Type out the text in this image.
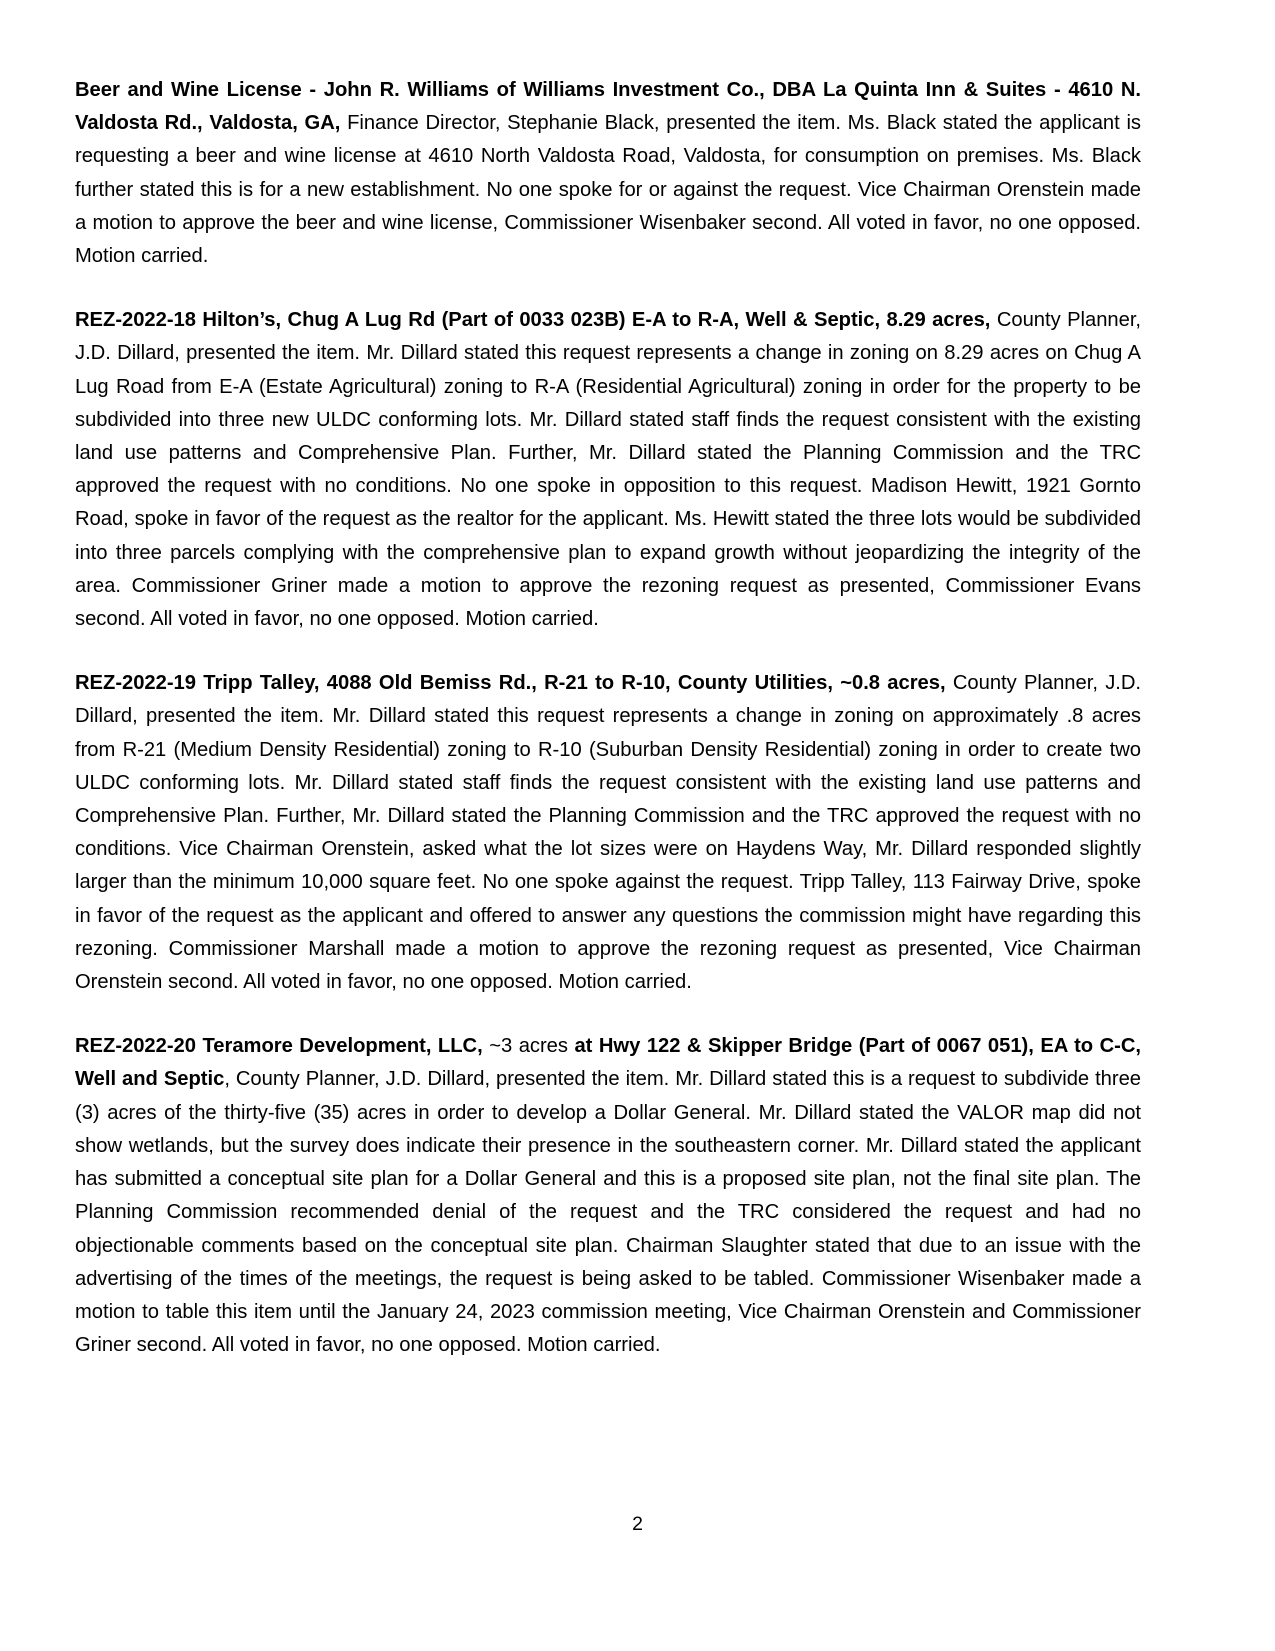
Beer and Wine License - John R. Williams of Williams Investment Co., DBA La Quinta Inn & Suites - 4610 N. Valdosta Rd., Valdosta, GA, Finance Director, Stephanie Black, presented the item. Ms. Black stated the applicant is requesting a beer and wine license at 4610 North Valdosta Road, Valdosta, for consumption on premises. Ms. Black further stated this is for a new establishment. No one spoke for or against the request. Vice Chairman Orenstein made a motion to approve the beer and wine license, Commissioner Wisenbaker second. All voted in favor, no one opposed. Motion carried.

REZ-2022-18 Hilton’s, Chug A Lug Rd (Part of 0033 023B) E-A to R-A, Well & Septic, 8.29 acres, County Planner, J.D. Dillard, presented the item. Mr. Dillard stated this request represents a change in zoning on 8.29 acres on Chug A Lug Road from E-A (Estate Agricultural) zoning to R-A (Residential Agricultural) zoning in order for the property to be subdivided into three new ULDC conforming lots. Mr. Dillard stated staff finds the request consistent with the existing land use patterns and Comprehensive Plan. Further, Mr. Dillard stated the Planning Commission and the TRC approved the request with no conditions. No one spoke in opposition to this request. Madison Hewitt, 1921 Gornto Road, spoke in favor of the request as the realtor for the applicant. Ms. Hewitt stated the three lots would be subdivided into three parcels complying with the comprehensive plan to expand growth without jeopardizing the integrity of the area. Commissioner Griner made a motion to approve the rezoning request as presented, Commissioner Evans second. All voted in favor, no one opposed. Motion carried.

REZ-2022-19 Tripp Talley, 4088 Old Bemiss Rd., R-21 to R-10, County Utilities, ~0.8 acres, County Planner, J.D. Dillard, presented the item. Mr. Dillard stated this request represents a change in zoning on approximately .8 acres from R-21 (Medium Density Residential) zoning to R-10 (Suburban Density Residential) zoning in order to create two ULDC conforming lots. Mr. Dillard stated staff finds the request consistent with the existing land use patterns and Comprehensive Plan. Further, Mr. Dillard stated the Planning Commission and the TRC approved the request with no conditions. Vice Chairman Orenstein, asked what the lot sizes were on Haydens Way, Mr. Dillard responded slightly larger than the minimum 10,000 square feet. No one spoke against the request. Tripp Talley, 113 Fairway Drive, spoke in favor of the request as the applicant and offered to answer any questions the commission might have regarding this rezoning. Commissioner Marshall made a motion to approve the rezoning request as presented, Vice Chairman Orenstein second. All voted in favor, no one opposed. Motion carried.

REZ-2022-20 Teramore Development, LLC, ~3 acres at Hwy 122 & Skipper Bridge (Part of 0067 051), EA to C-C, Well and Septic, County Planner, J.D. Dillard, presented the item. Mr. Dillard stated this is a request to subdivide three (3) acres of the thirty-five (35) acres in order to develop a Dollar General. Mr. Dillard stated the VALOR map did not show wetlands, but the survey does indicate their presence in the southeastern corner. Mr. Dillard stated the applicant has submitted a conceptual site plan for a Dollar General and this is a proposed site plan, not the final site plan. The Planning Commission recommended denial of the request and the TRC considered the request and had no objectionable comments based on the conceptual site plan. Chairman Slaughter stated that due to an issue with the advertising of the times of the meetings, the request is being asked to be tabled. Commissioner Wisenbaker made a motion to table this item until the January 24, 2023 commission meeting, Vice Chairman Orenstein and Commissioner Griner second. All voted in favor, no one opposed. Motion carried.

2
